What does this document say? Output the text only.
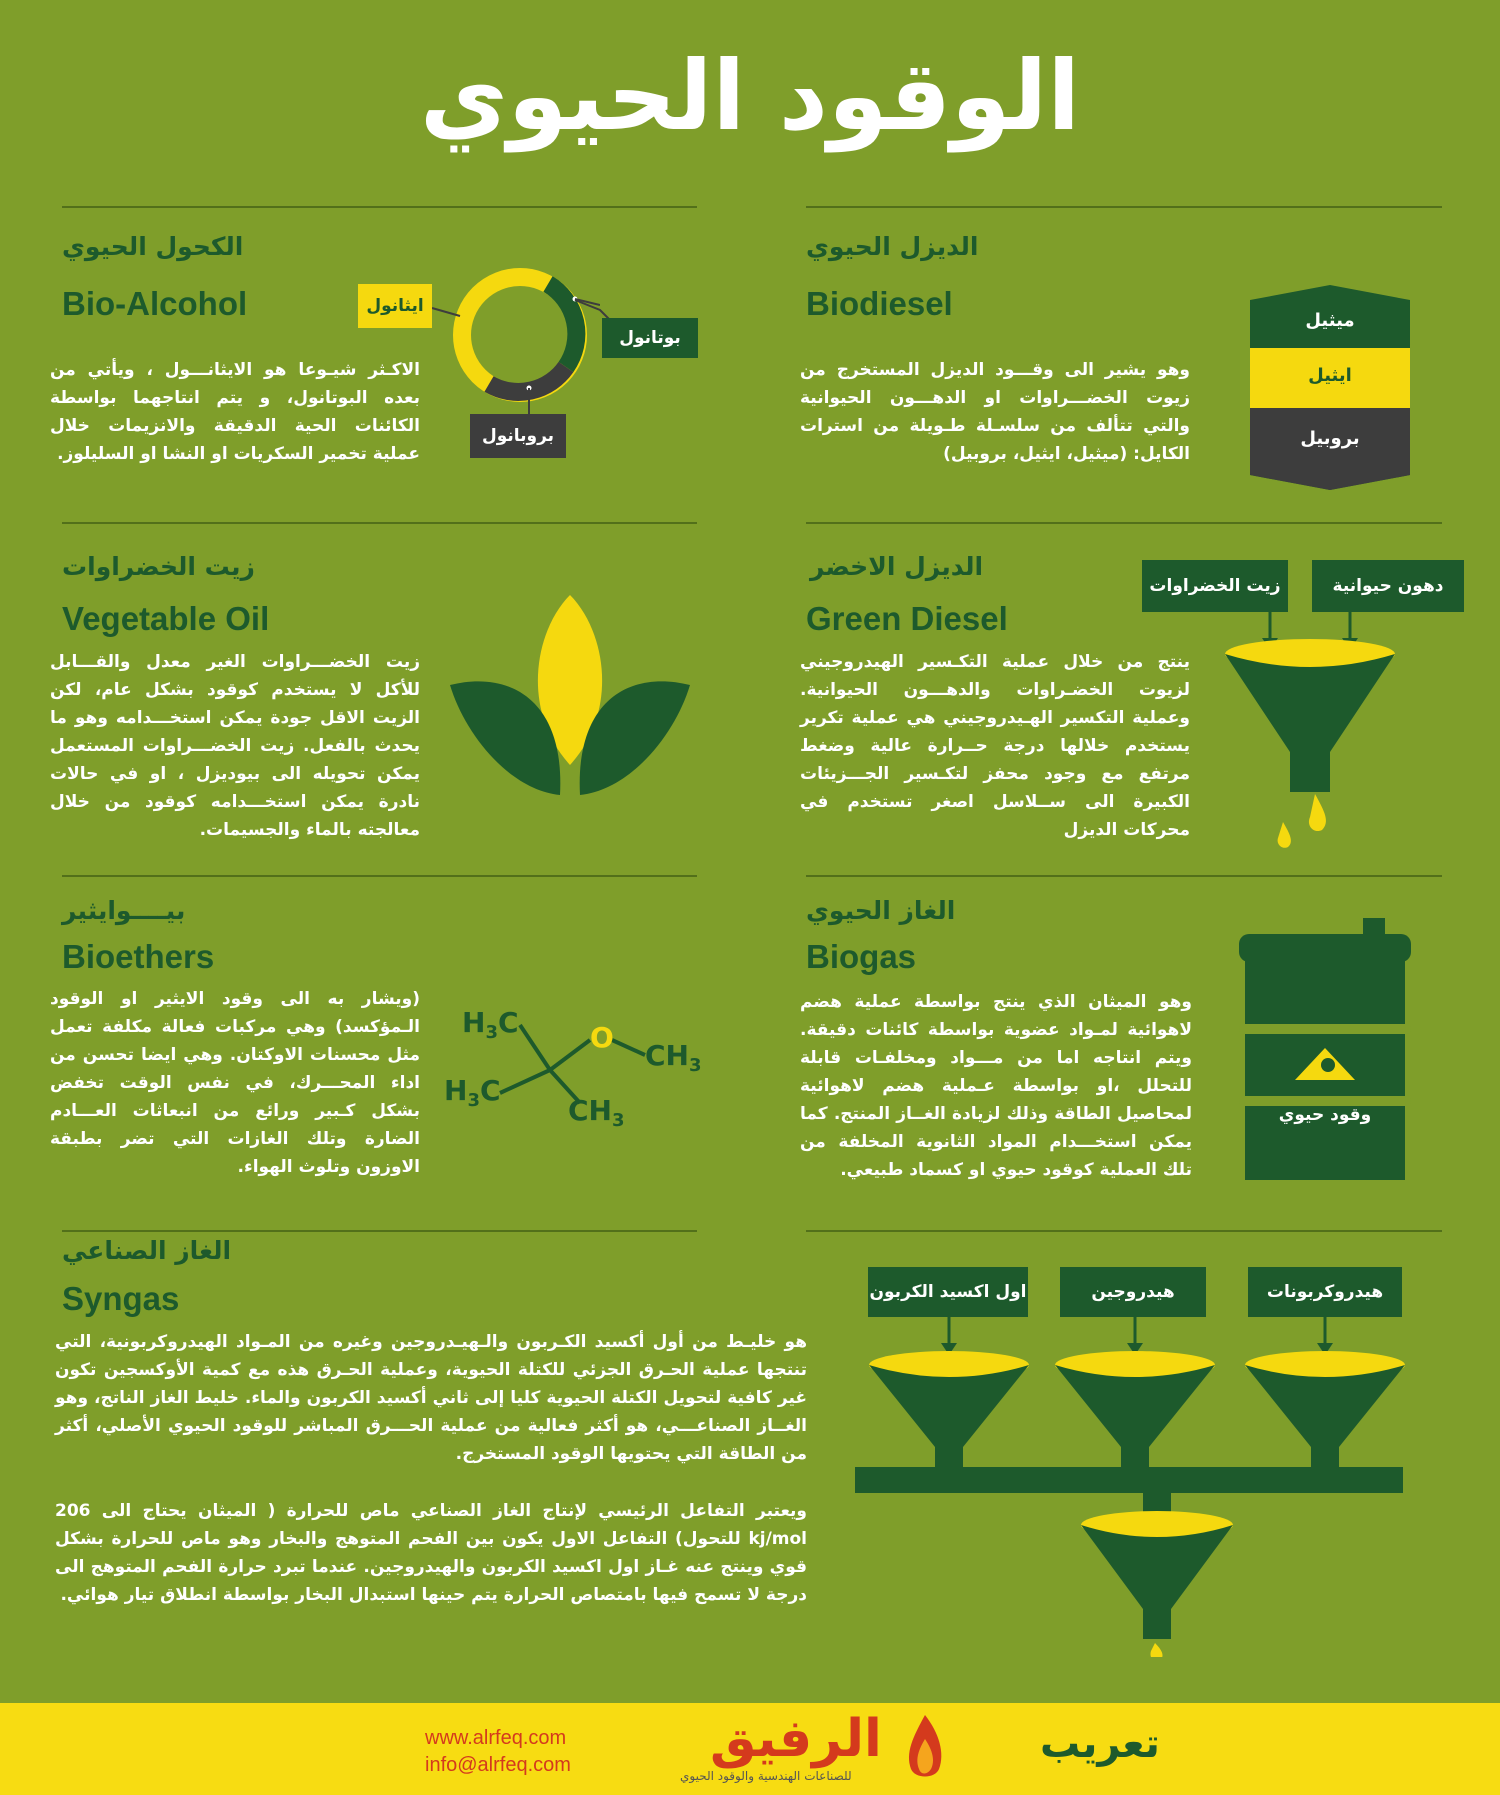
الوقود الحيوي
الكحول الحيوي
Bio-Alcohol
الاكـثر شيـوعا هو الايثانـــول ، ويأتي من بعده البوتانول، و يتم انتاجهما بواسطة الكائنات الحية الدقيقة والانزيمات خلال عملية تخمير السكريات او النشا او السليلوز.
ايثانول
بوتانول
بروبانول
الديزل الحيوي
Biodiesel
وهو يشير الى وقـــود الديزل المستخرج من زيوت الخضـــراوات او الدهـــون الحيوانية والتي تتألف من سلسـلة طـويلة من استرات الكايل: (ميثيل، ايثيل، بروبيل)
ميثيل
ايثيل
بروبيل
زيت الخضراوات
Vegetable Oil
زيت الخضـــراوات الغير معدل والقـــابل للأكل لا يستخدم كوقود بشكل عام، لكن الزيت الاقل جودة يمكن استخـــدامه وهو ما يحدث بالفعل. زيت الخضـــراوات المستعمل يمكن تحويله الى بيوديزل ، او في حالات نادرة يمكن استخـــدامه كوقود من خلال معالجته بالماء والجسيمات.
الديزل الاخضر
Green Diesel
ينتج من خلال عملية التكـسير الهيدروجيني لزيوت الخضـراوات والدهـــون الحيوانية. وعملية التكسير الهـيدروجيني هي عملية تكرير يستخدم خلالها درجة حــرارة عالية وضغط مرتفع مع وجود محفز لتكـسير الجـــزيئات الكبيرة الى ســلاسل اصغر تستخدم في محركات الديزل
دهون حيوانية
زيت الخضراوات
بيــــوايثير
Bioethers
(ويشار به الى وقود الايثير او الوقود الـمؤكسد) وهي مركبات فعالة مكلفة تعمل مثل محسنات الاوكتان. وهي ايضا تحسن من اداء المحـــرك، في نفس الوقت تخفض بشكل كـبير ورائع من انبعاثات العـــادم الضارة وتلك الغازات التي تضر بطبقة الاوزون وتلوث الهواء.
$H_3C$	O
$CH_3$
$H_3C$
$CH_3$
الغاز الحيوي
Biogas
وهو الميثان الذي ينتج بواسطة عملية هضم لاهوائية لمـواد عضوية بواسطة كائنات دقيقة. ويتم انتاجه اما من مـــواد ومخلفـات قابلة للتحلل ،او بواسطة عـملية هضم لاهوائية لمحاصيل الطاقة وذلك لزيادة الغــاز المنتج. كما يمكن استخـــدام المواد الثانوية المخلفة من تلك العملية كوقود حيوي او كسماد طبيعي.
وقود حيوي
الغاز الصناعي
Syngas
هو خليـط من أول أكسيد الكـربون والـهيـدروجين وغيره من المـواد الهيدروكربونية، التي تنتجها عملية الحـرق الجزئي للكتلة الحيوية، وعملية الحـرق هذه مع كمية الأوكسجين تكون غير كافية لتحويل الكتلة الحيوية كليا إلى ثاني أكسيد الكربون والماء. خليط الغاز الناتج، وهو الغــاز الصناعـــي، هو أكثر فعالية من عملية الحـــرق المباشر للوقود الحيوي الأصلي، أكثر من الطاقة التي يحتويها الوقود المستخرج.
ويعتبر التفاعل الرئيسي لإنتاج الغاز الصناعي ماص للحرارة ( الميثان يحتاج الى 206 kj/mol للتحول) التفاعل الاول يكون بين الفحم المتوهج والبخار وهو ماص للحرارة بشكل قوي وينتج عنه غـاز اول اكسيد الكربون والهيدروجين. عندما تبرد حرارة الفحم المتوهج الى درجة لا تسمح فيها بامتصاص الحرارة يتم حينها استبدال البخار بواسطة انطلاق تيار هوائي.
اول اكسيد الكربون	هيدروجين	هيدروكربونات
www.alrfeq.com
info@alrfeq.com	الرفيق
للصناعات الهندسية والوقود الحيوي
تعريب
